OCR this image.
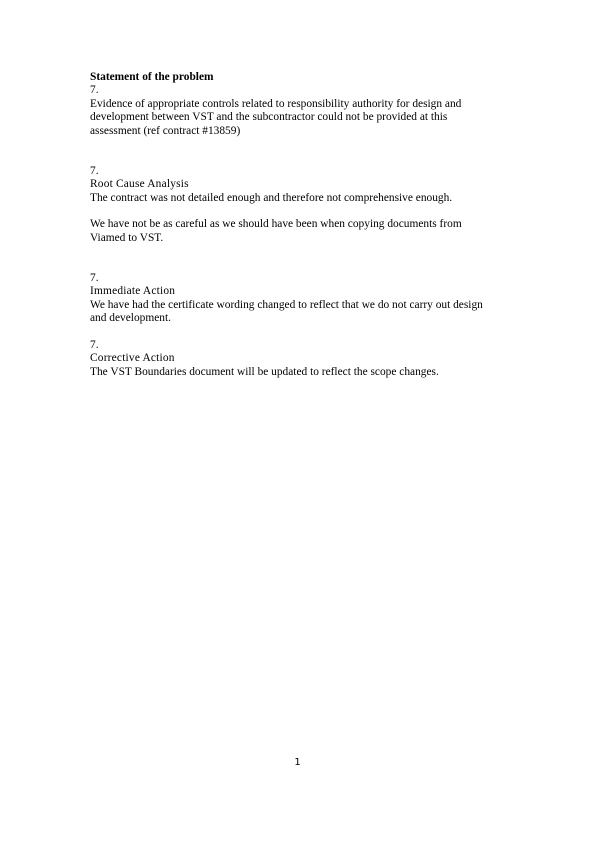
Statement of the problem

7.

Evidence of appropriate controls related to responsibility authority for design and

development between VST and the subcontractor could not be provided at this

assessment (ref contract #13859)

7.

Root Cause Analysis

The contract was not detailed enough and therefore not comprehensive enough.

We have not be as careful as we should have been when copying documents from

Viamed to VST.

7.

Immediate Action

We have had the certificate wording changed to reflect that we do not carry out design

and development.

7.

Corrective Action

The VST Boundaries document will be updated to reflect the scope changes.

1
